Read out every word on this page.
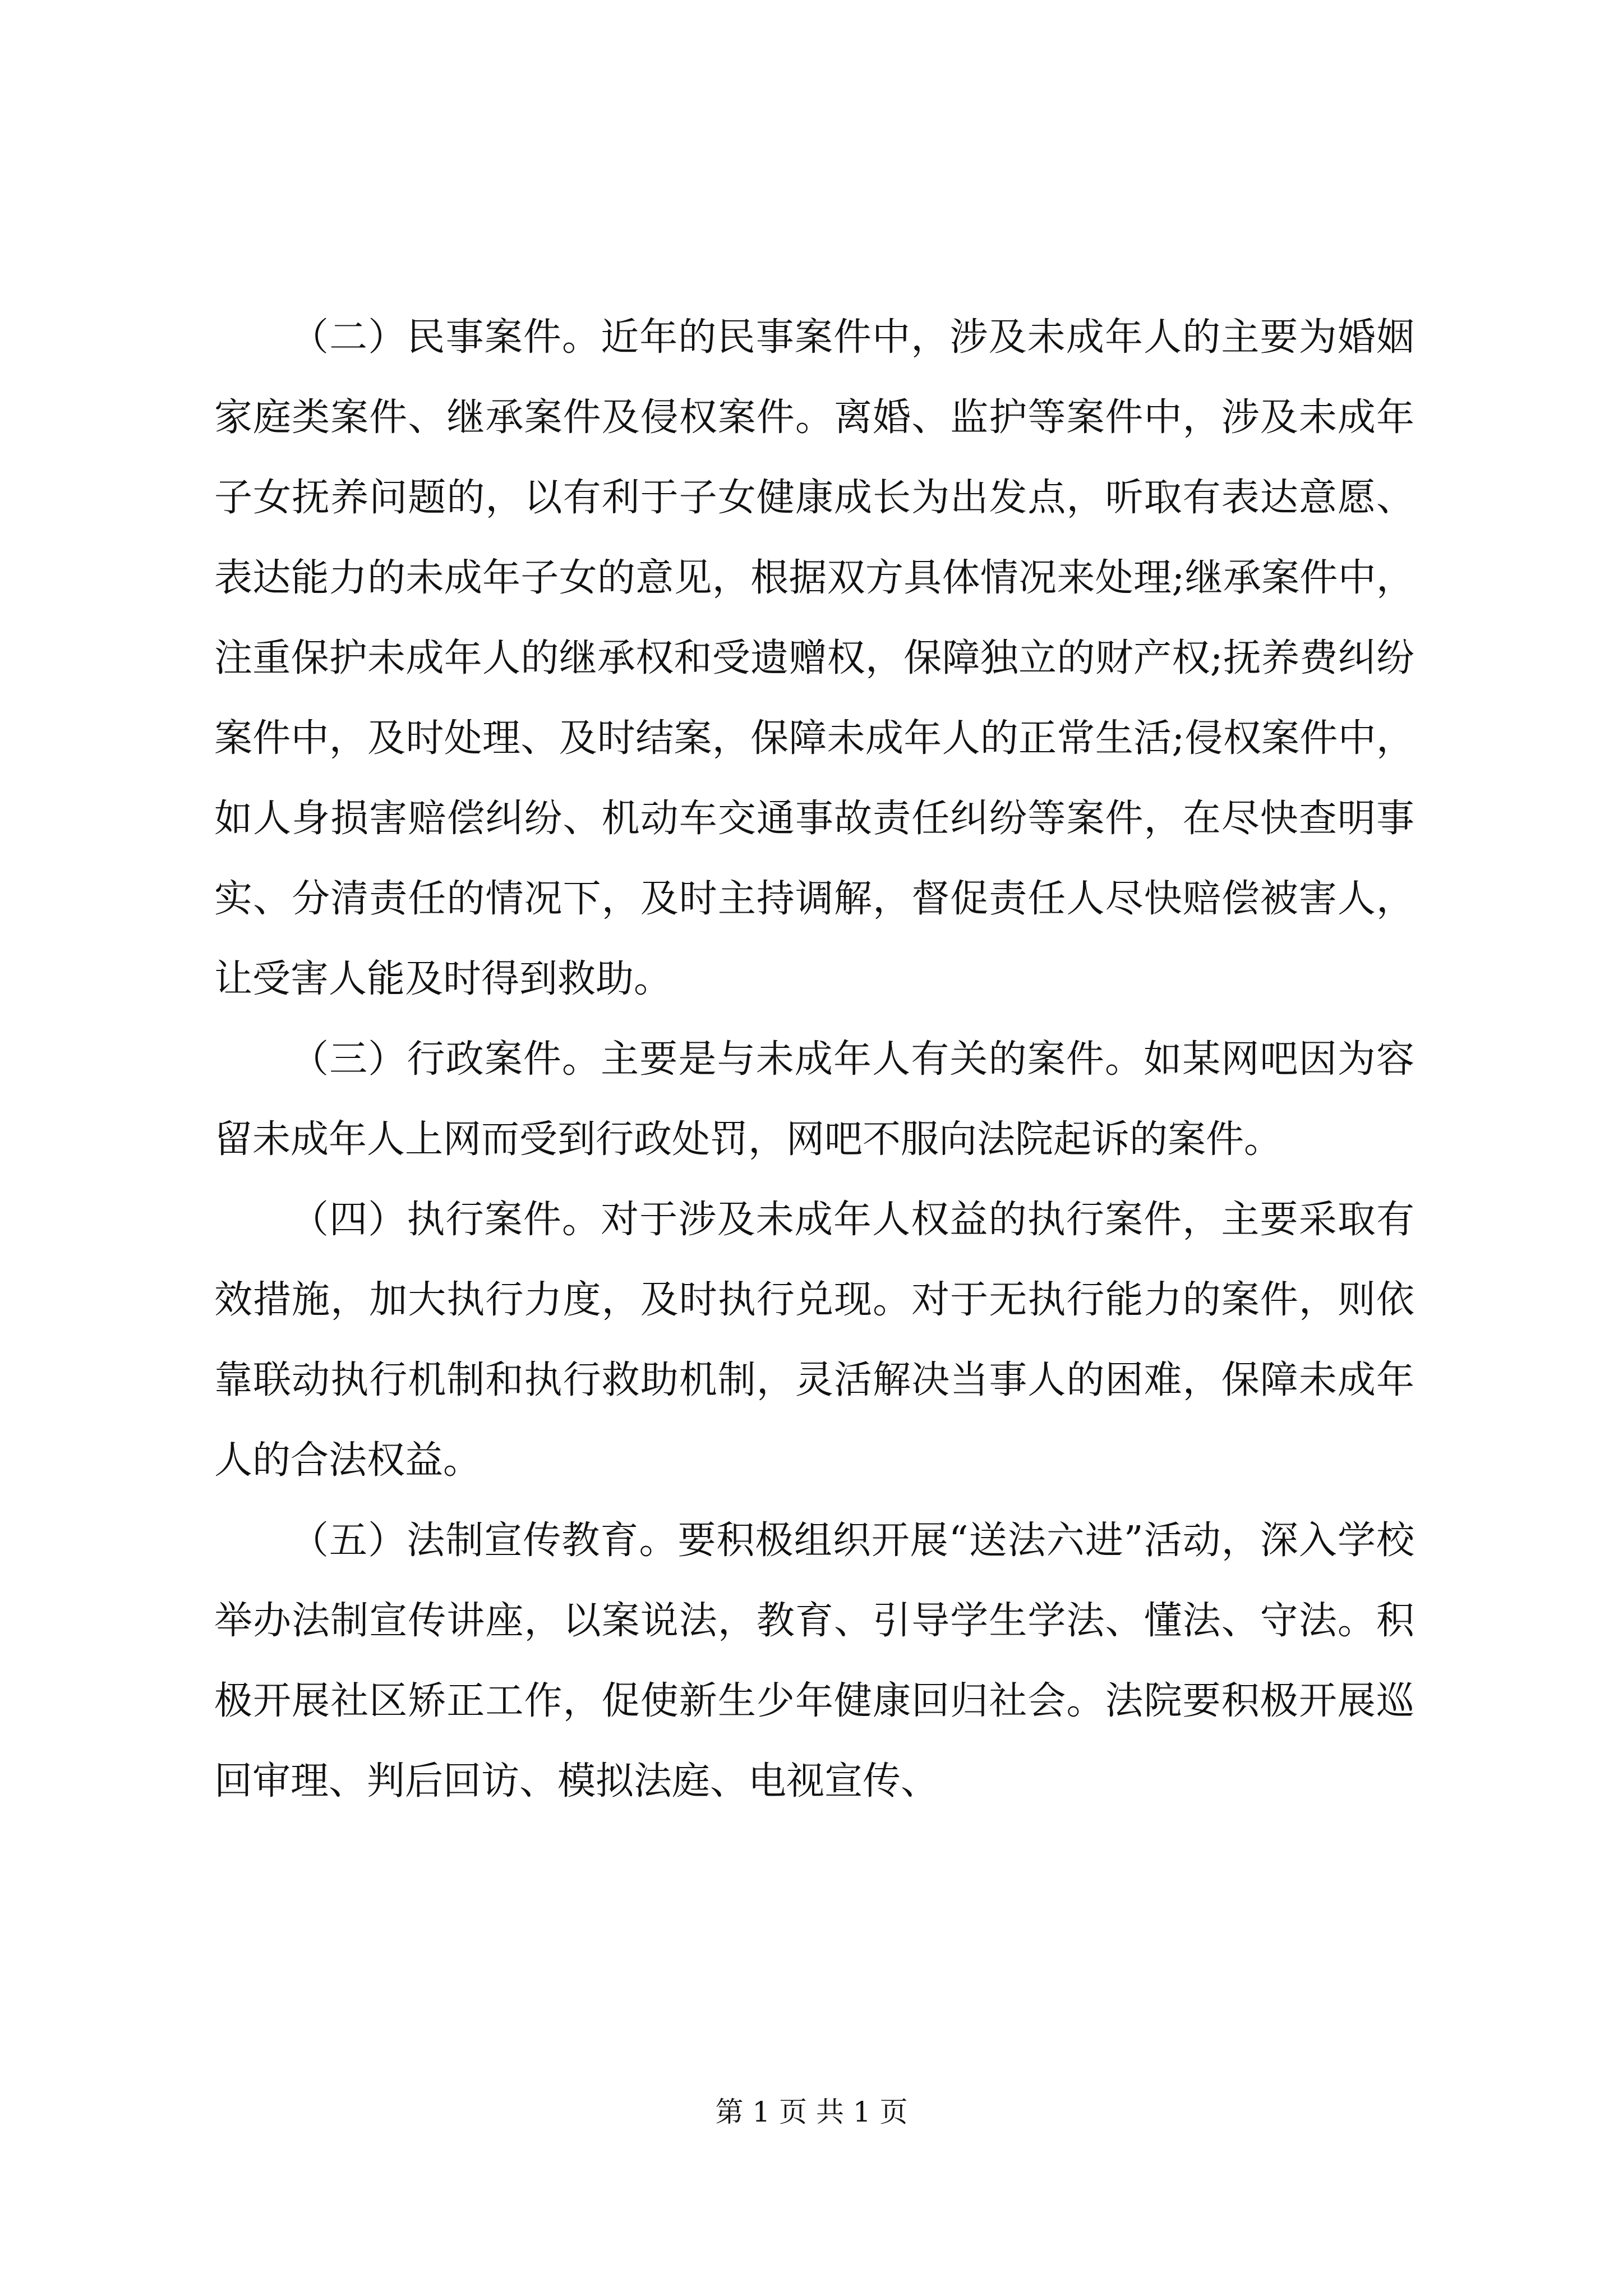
（二）民事案件。近年的民事案件中，涉及未成年人的主要为婚姻家庭类案件、继承案件及侵权案件。离婚、监护等案件中，涉及未成年子女抚养问题的，以有利于子女健康成长为出发点，听取有表达意愿、表达能力的未成年子女的意见，根据双方具体情况来处理;继承案件中，注重保护未成年人的继承权和受遗赠权，保障独立的财产权;抚养费纠纷案件中，及时处理、及时结案，保障未成年人的正常生活;侵权案件中，如人身损害赔偿纠纷、机动车交通事故责任纠纷等案件，在尽快查明事实、分清责任的情况下，及时主持调解，督促责任人尽快赔偿被害人，让受害人能及时得到救助。

（三）行政案件。主要是与未成年人有关的案件。如某网吧因为容留未成年人上网而受到行政处罚，网吧不服向法院起诉的案件。

（四）执行案件。对于涉及未成年人权益的执行案件，主要采取有效措施，加大执行力度，及时执行兑现。对于无执行能力的案件，则依靠联动执行机制和执行救助机制，灵活解决当事人的困难，保障未成年人的合法权益。

（五）法制宣传教育。要积极组织开展“送法六进”活动，深入学校举办法制宣传讲座，以案说法，教育、引导学生学法、懂法、守法。积极开展社区矫正工作，促使新生少年健康回归社会。法院要积极开展巡回审理、判后回访、模拟法庭、电视宣传、

第 1 页 共 1 页
